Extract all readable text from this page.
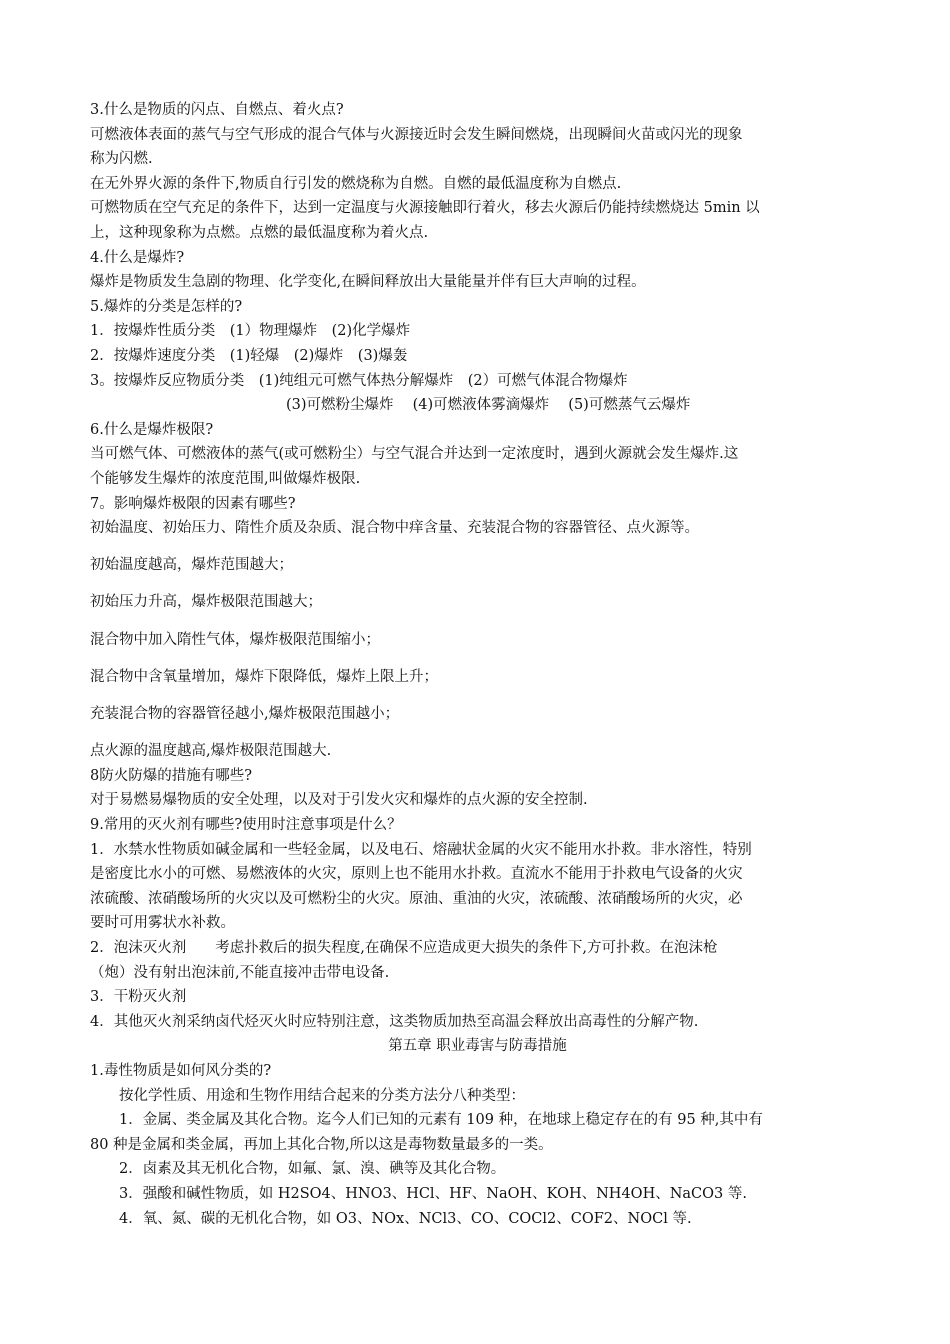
3.什么是物质的闪点、自燃点、着火点?
可燃液体表面的蒸气与空气形成的混合气体与火源接近时会发生瞬间燃烧，出现瞬间火苗或闪光的现象
称为闪燃.
在无外界火源的条件下,物质自行引发的燃烧称为自燃。自燃的最低温度称为自燃点.
可燃物质在空气充足的条件下，达到一定温度与火源接触即行着火，移去火源后仍能持续燃烧达 5min 以
上，这种现象称为点燃。点燃的最低温度称为着火点.
4.什么是爆炸?
爆炸是物质发生急剧的物理、化学变化,在瞬间释放出大量能量并伴有巨大声响的过程。
5.爆炸的分类是怎样的?
1．按爆炸性质分类　(1）物理爆炸　(2)化学爆炸
2．按爆炸速度分类　(1)轻爆　(2)爆炸　(3)爆轰
3。按爆炸反应物质分类　(1)纯组元可燃气体热分解爆炸　(2）可燃气体混合物爆炸
(3)可燃粉尘爆炸　 (4)可燃液体雾滴爆炸　 (5)可燃蒸气云爆炸
6.什么是爆炸极限?
当可燃气体、可燃液体的蒸气(或可燃粉尘）与空气混合并达到一定浓度时，遇到火源就会发生爆炸.这
个能够发生爆炸的浓度范围,叫做爆炸极限.
7。影响爆炸极限的因素有哪些?
初始温度、初始压力、隋性介质及杂质、混合物中痒含量、充装混合物的容器管径、点火源等。
初始温度越高，爆炸范围越大；
初始压力升高，爆炸极限范围越大；
混合物中加入隋性气体，爆炸极限范围缩小；
混合物中含氧量增加，爆炸下限降低，爆炸上限上升；
充装混合物的容器管径越小,爆炸极限范围越小；
点火源的温度越高,爆炸极限范围越大.
8防火防爆的措施有哪些?
对于易燃易爆物质的安全处理，以及对于引发火灾和爆炸的点火源的安全控制.
9.常用的灭火剂有哪些?使用时注意事项是什么？
1．水禁水性物质如碱金属和一些轻金属，以及电石、熔融状金属的火灾不能用水扑救。非水溶性，特别
是密度比水小的可燃、易燃液体的火灾，原则上也不能用水扑救。直流水不能用于扑救电气设备的火灾
浓硫酸、浓硝酸场所的火灾以及可燃粉尘的火灾。原油、重油的火灾，浓硫酸、浓硝酸场所的火灾，必
要时可用雾状水补救。
2．泡沫灭火剂　　考虑扑救后的损失程度,在确保不应造成更大损失的条件下,方可扑救。在泡沫枪
（炮）没有射出泡沫前,不能直接冲击带电设备.
3．干粉灭火剂
4．其他灭火剂采纳卤代烃灭火时应特别注意，这类物质加热至高温会释放出高毒性的分解产物.
第五章 职业毒害与防毒措施
1.毒性物质是如何风分类的?
按化学性质、用途和生物作用结合起来的分类方法分八种类型：
1．金属、类金属及其化合物。迄今人们已知的元素有 109 种，在地球上稳定存在的有 95 种,其中有
80 种是金属和类金属，再加上其化合物,所以这是毒物数量最多的一类。
2．卤素及其无机化合物，如氟、氯、溴、碘等及其化合物。
3．强酸和碱性物质，如 H2SO4、HNO3、HCl、HF、NaOH、KOH、NH4OH、NaCO3 等.
4．氧、氮、碳的无机化合物，如 O3、NOx、NCl3、CO、COCl2、COF2、NOCl 等.
